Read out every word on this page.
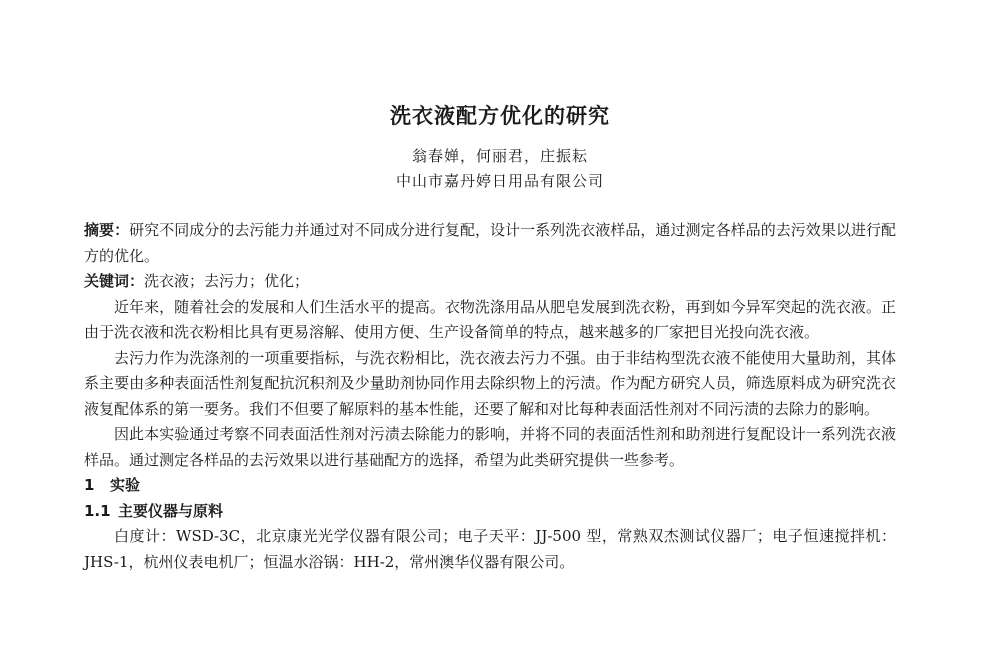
洗衣液配方优化的研究
翁春婵，何丽君，庄振耘
中山市嘉丹婷日用品有限公司

摘要：研究不同成分的去污能力并通过对不同成分进行复配，设计一系列洗衣液样品，通过测定各样品的去污效果以进行配方的优化。

关键词：洗衣液；去污力；优化；

近年来，随着社会的发展和人们生活水平的提高。衣物洗涤用品从肥皂发展到洗衣粉，再到如今异军突起的洗衣液。正由于洗衣液和洗衣粉相比具有更易溶解、使用方便、生产设备简单的特点，越来越多的厂家把目光投向洗衣液。

去污力作为洗涤剂的一项重要指标，与洗衣粉相比，洗衣液去污力不强。由于非结构型洗衣液不能使用大量助剂，其体系主要由多种表面活性剂复配抗沉积剂及少量助剂协同作用去除织物上的污渍。作为配方研究人员，筛选原料成为研究洗衣液复配体系的第一要务。我们不但要了解原料的基本性能，还要了解和对比每种表面活性剂对不同污渍的去除力的影响。

因此本实验通过考察不同表面活性剂对污渍去除能力的影响，并将不同的表面活性剂和助剂进行复配设计一系列洗衣液样品。通过测定各样品的去污效果以进行基础配方的选择，希望为此类研究提供一些参考。

1 实验

1.1 主要仪器与原料

白度计：WSD-3C，北京康光光学仪器有限公司；电子天平：JJ-500 型，常熟双杰测试仪器厂；电子恒速搅拌机：JHS-1，杭州仪表电机厂；恒温水浴锅：HH-2，常州澳华仪器有限公司。
